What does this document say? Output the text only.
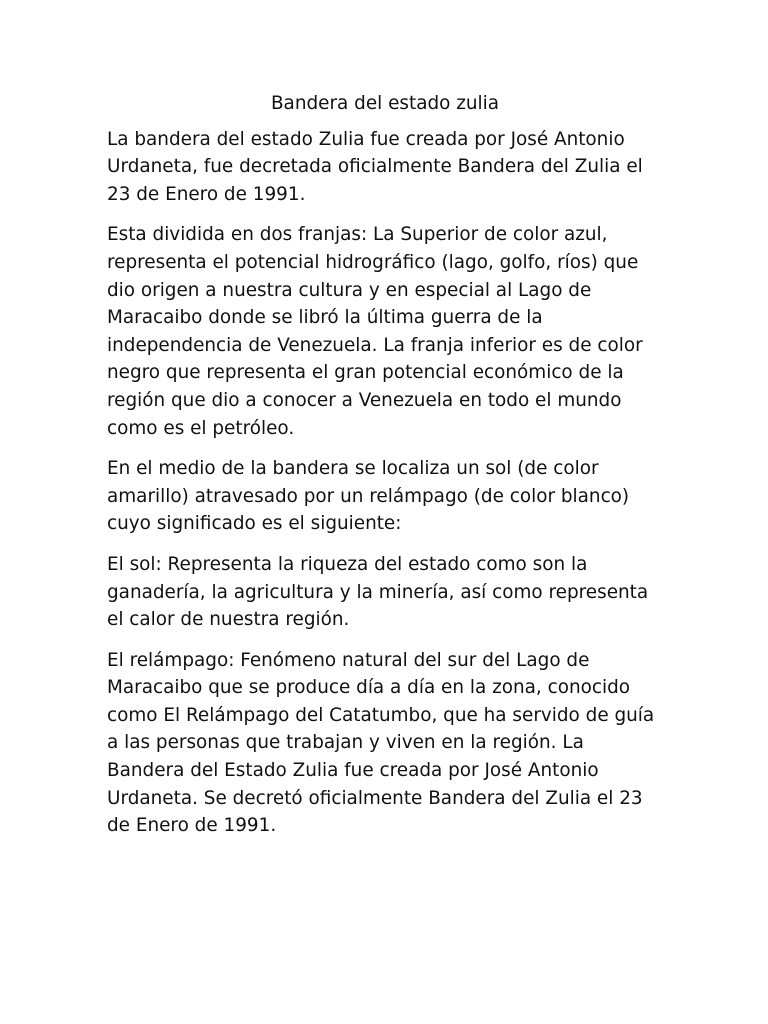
Bandera del estado zulia

La bandera del estado Zulia fue creada por José Antonio Urdaneta, fue decretada oficialmente Bandera del Zulia el 23 de Enero de 1991.

Esta dividida en dos franjas: La Superior de color azul, representa el potencial hidrográfico (lago, golfo, ríos) que dio origen a nuestra cultura y en especial al Lago de Maracaibo donde se libró la última guerra de la independencia de Venezuela. La franja inferior es de color negro que representa el gran potencial económico de la región que dio a conocer a Venezuela en todo el mundo como es el petróleo.

En el medio de la bandera se localiza un sol (de color amarillo) atravesado por un relámpago (de color blanco) cuyo significado es el siguiente:

El sol: Representa la riqueza del estado como son la ganadería, la agricultura y la minería, así como representa el calor de nuestra región.

El relámpago: Fenómeno natural del sur del Lago de Maracaibo que se produce día a día en la zona, conocido como El Relámpago del Catatumbo, que ha servido de guía a las personas que trabajan y viven en la región. La Bandera del Estado Zulia fue creada por José Antonio Urdaneta. Se decretó oficialmente Bandera del Zulia el 23 de Enero de 1991.
